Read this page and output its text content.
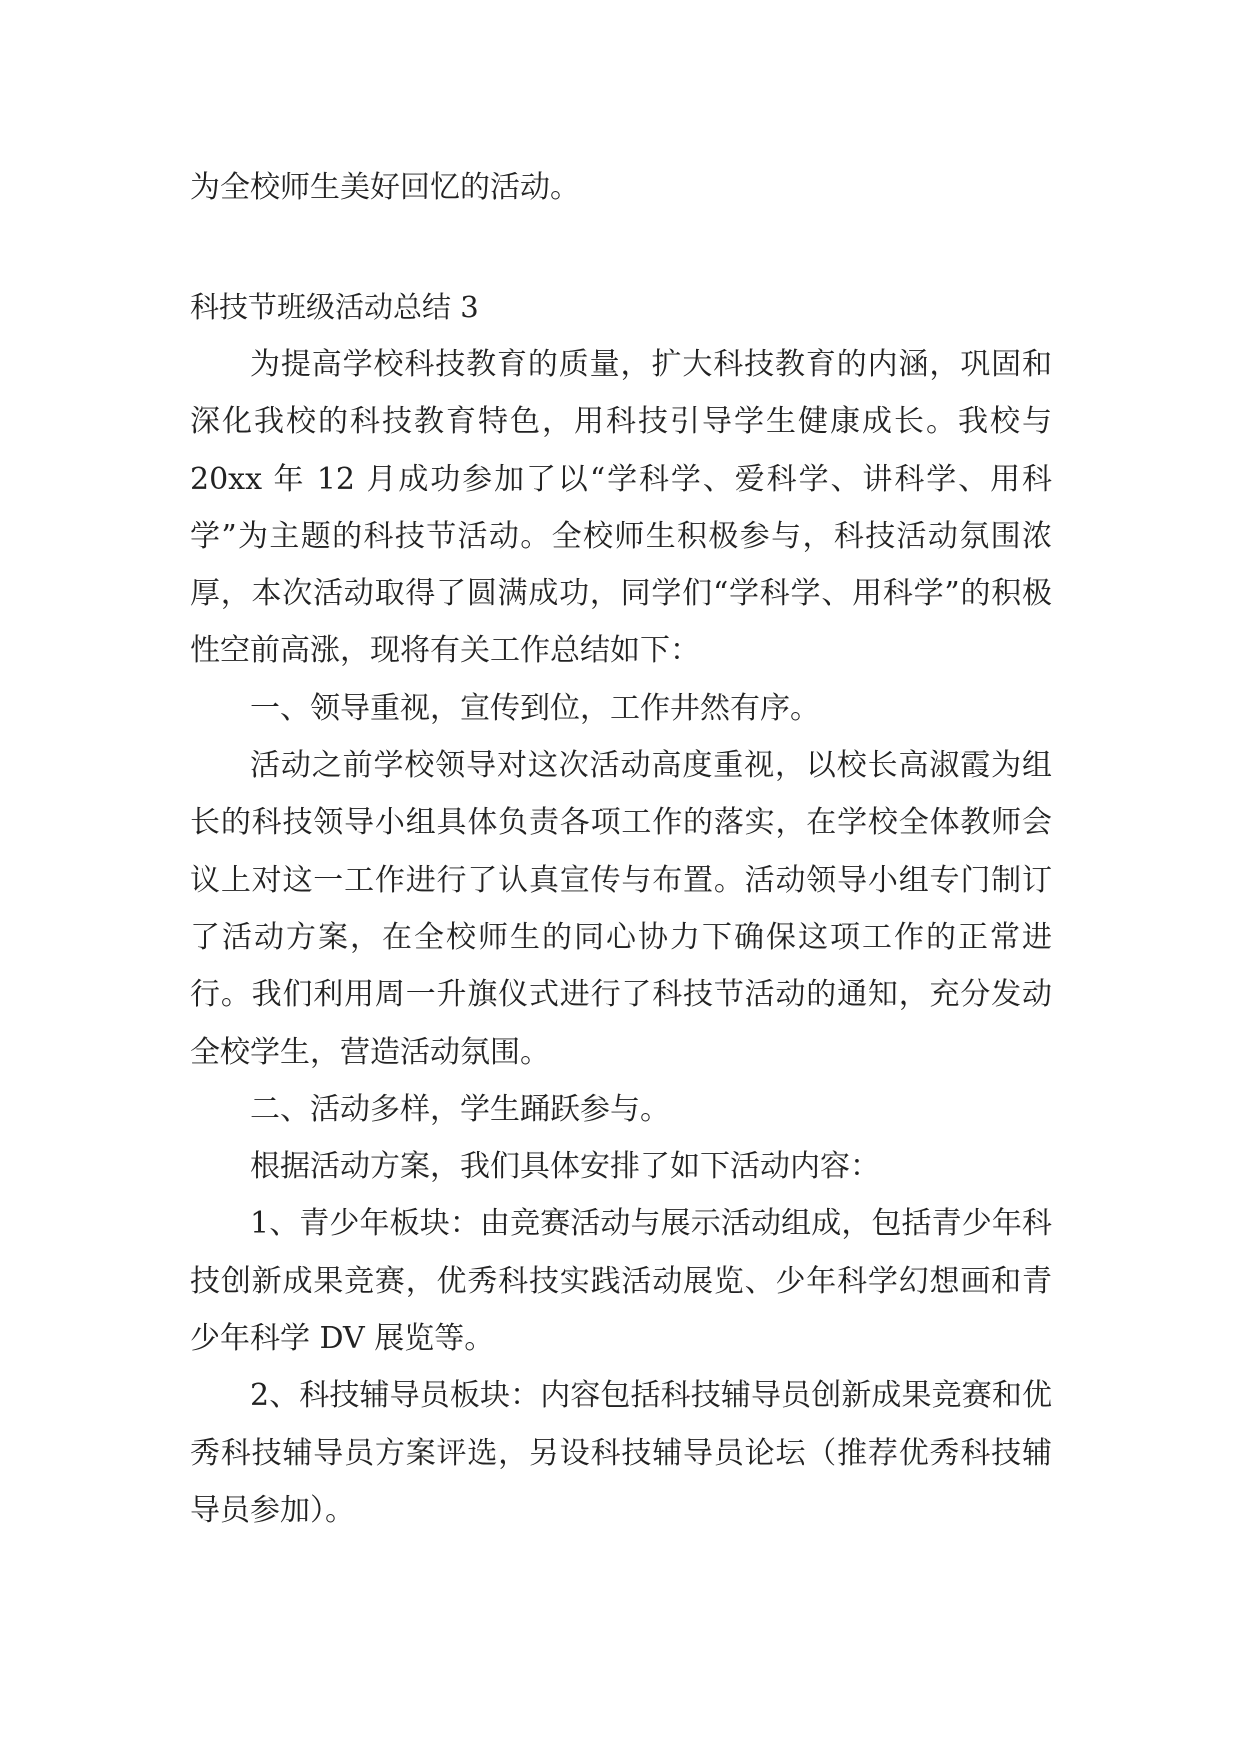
为全校师生美好回忆的活动。
科技节班级活动总结 3

为提高学校科技教育的质量，扩大科技教育的内涵，巩固和深化我校的科技教育特色，用科技引导学生健康成长。我校与 20xx 年 12 月成功参加了以“学科学、爱科学、讲科学、用科学”为主题的科技节活动。全校师生积极参与，科技活动氛围浓厚，本次活动取得了圆满成功，同学们“学科学、用科学”的积极性空前高涨，现将有关工作总结如下：

一、领导重视，宣传到位，工作井然有序。

活动之前学校领导对这次活动高度重视，以校长高淑霞为组长的科技领导小组具体负责各项工作的落实，在学校全体教师会议上对这一工作进行了认真宣传与布置。活动领导小组专门制订了活动方案，在全校师生的同心协力下确保这项工作的正常进行。我们利用周一升旗仪式进行了科技节活动的通知，充分发动全校学生，营造活动氛围。

二、活动多样，学生踊跃参与。

根据活动方案，我们具体安排了如下活动内容：

1、青少年板块：由竞赛活动与展示活动组成，包括青少年科技创新成果竞赛，优秀科技实践活动展览、少年科学幻想画和青少年科学 DV 展览等。

2、科技辅导员板块：内容包括科技辅导员创新成果竞赛和优秀科技辅导员方案评选，另设科技辅导员论坛（推荐优秀科技辅导员参加）。
